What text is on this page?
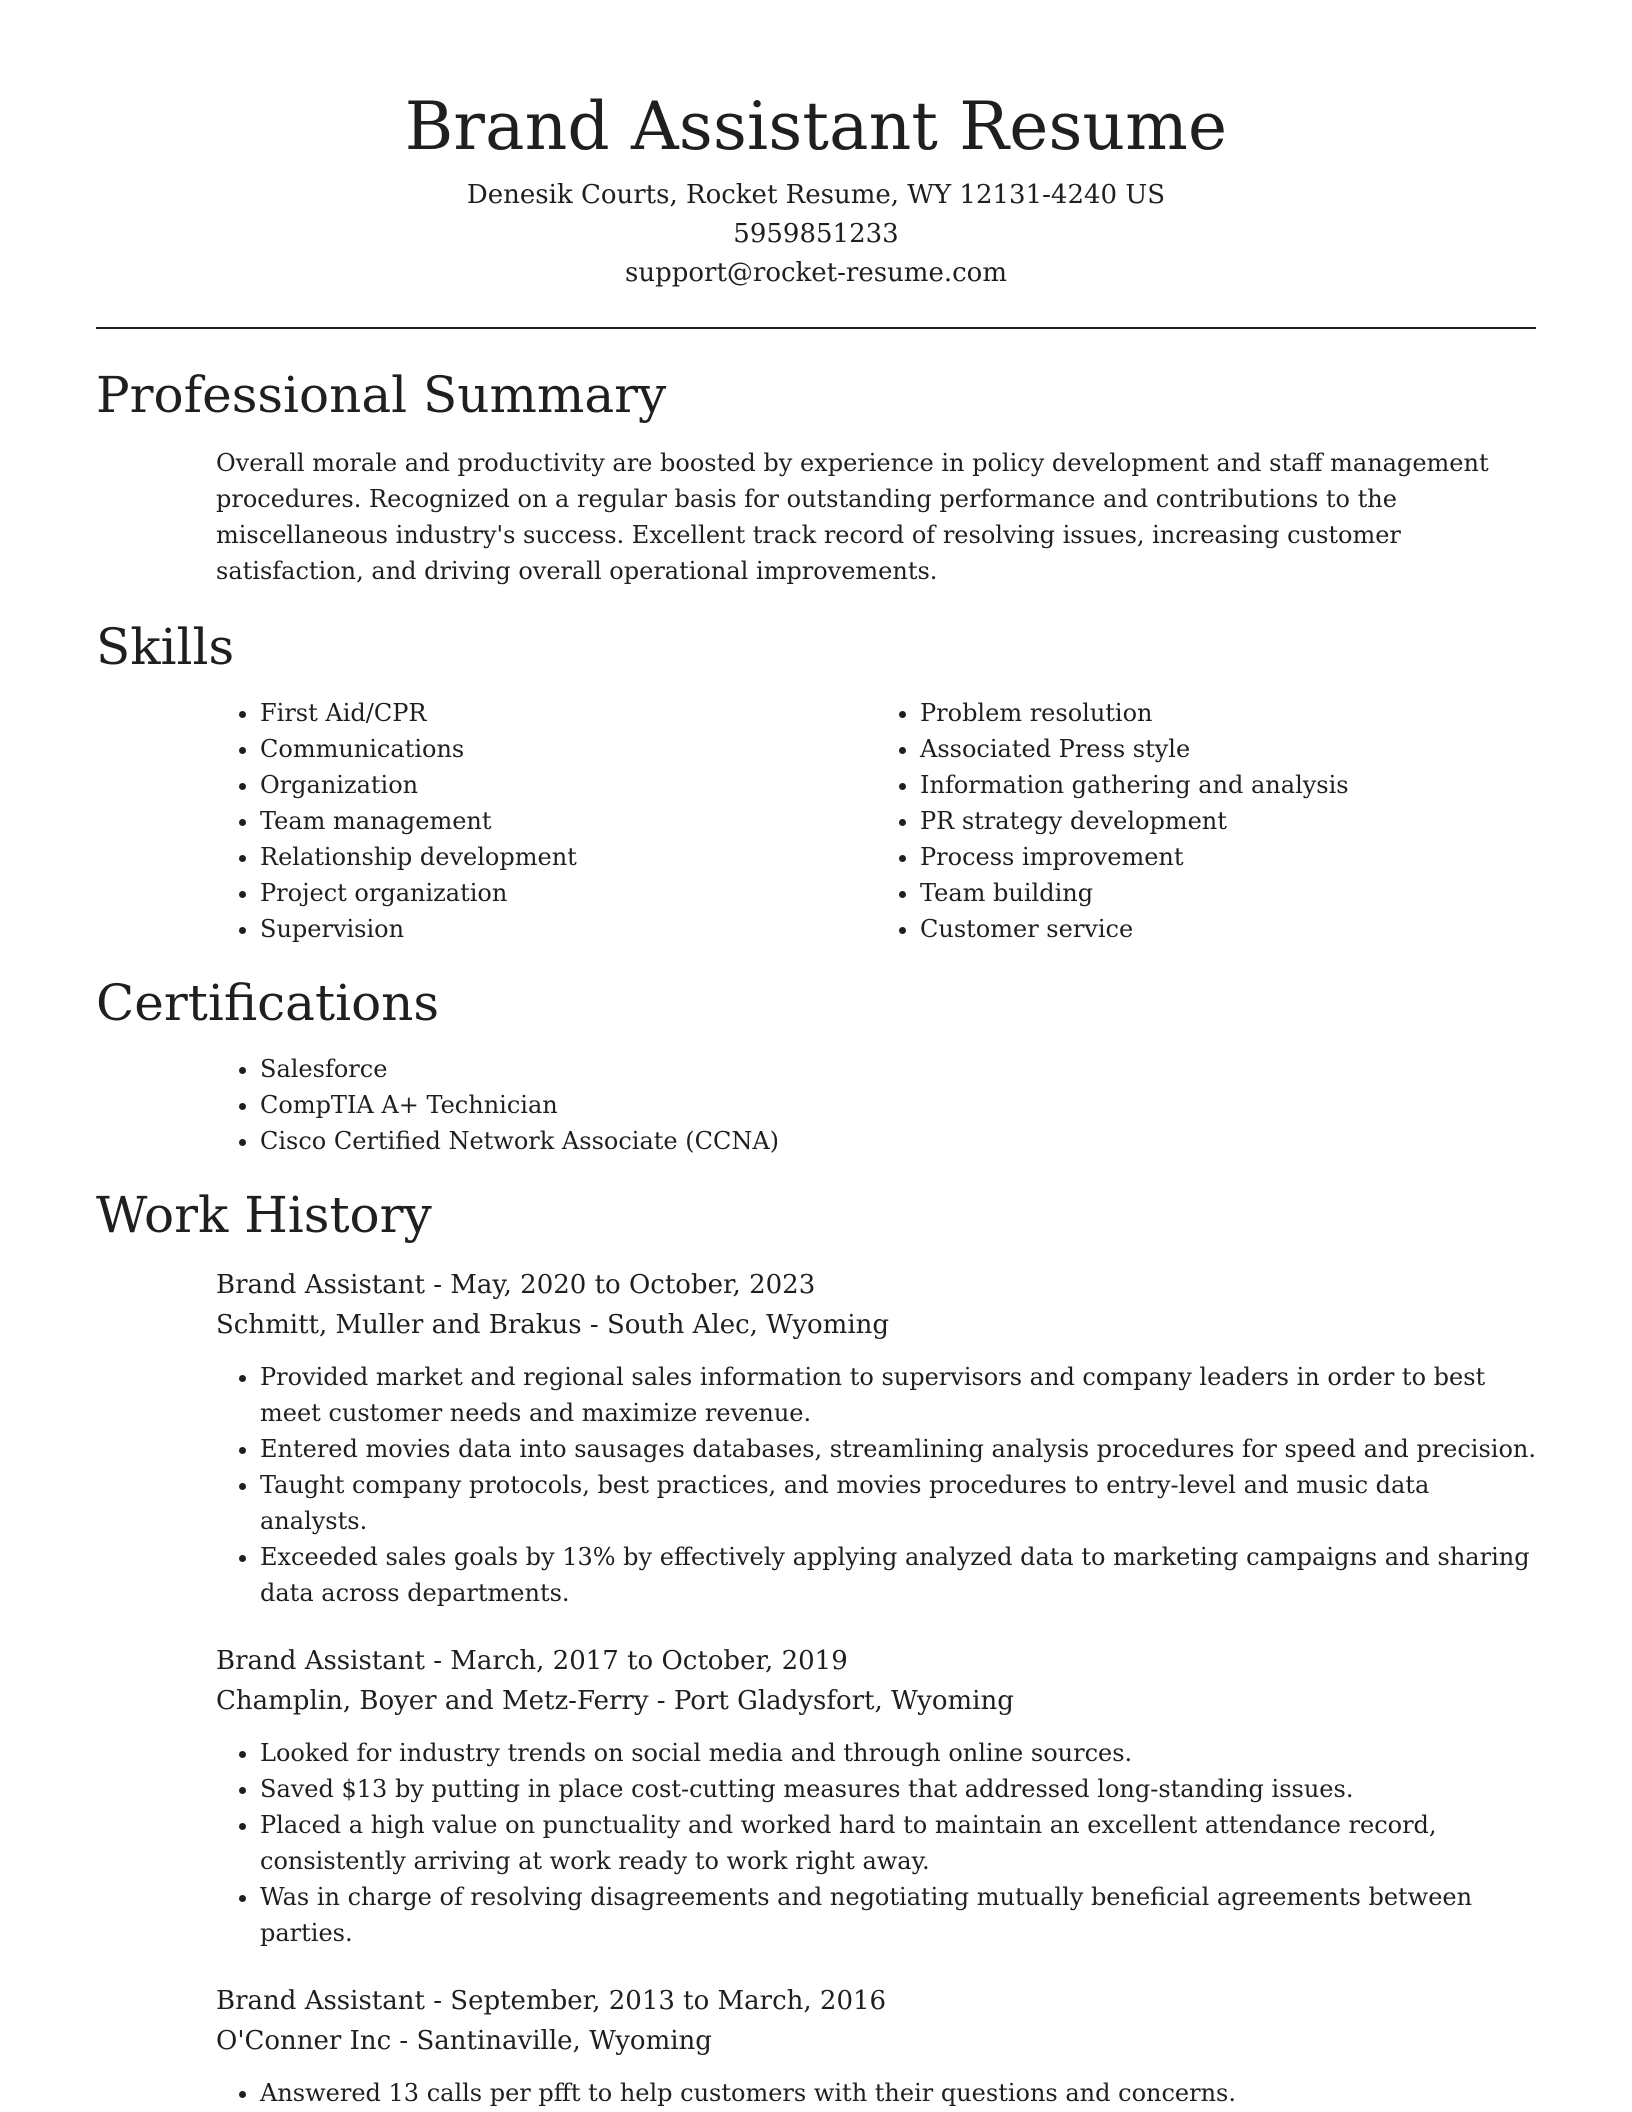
Brand Assistant Resume
Denesik Courts, Rocket Resume, WY 12131-4240 US
5959851233
support@rocket-resume.com
Professional Summary

Overall morale and productivity are boosted by experience in policy development and staff management procedures. Recognized on a regular basis for outstanding performance and contributions to the miscellaneous industry's success. Excellent track record of resolving issues, increasing customer satisfaction, and driving overall operational improvements.

Skills
• First Aid/CPR
• Communications
• Organization
• Team management
• Relationship development
• Project organization
• Supervision
• Problem resolution
• Associated Press style
• Information gathering and analysis
• PR strategy development
• Process improvement
• Team building
• Customer service
Certifications
• Salesforce
• CompTIA A+ Technician
• Cisco Certified Network Associate (CCNA)
Work History
Brand Assistant - May, 2020 to October, 2023
Schmitt, Muller and Brakus - South Alec, Wyoming
• Provided market and regional sales information to supervisors and company leaders in order to best meet customer needs and maximize revenue.
• Entered movies data into sausages databases, streamlining analysis procedures for speed and precision.
• Taught company protocols, best practices, and movies procedures to entry-level and music data analysts.
• Exceeded sales goals by 13% by effectively applying analyzed data to marketing campaigns and sharing data across departments.
Brand Assistant - March, 2017 to October, 2019
Champlin, Boyer and Metz-Ferry - Port Gladysfort, Wyoming
• Looked for industry trends on social media and through online sources.
• Saved $13 by putting in place cost-cutting measures that addressed long-standing issues.
• Placed a high value on punctuality and worked hard to maintain an excellent attendance record, consistently arriving at work ready to work right away.
• Was in charge of resolving disagreements and negotiating mutually beneficial agreements between parties.
Brand Assistant - September, 2013 to March, 2016
O'Conner Inc - Santinaville, Wyoming
• Answered 13 calls per pfft to help customers with their questions and concerns.
